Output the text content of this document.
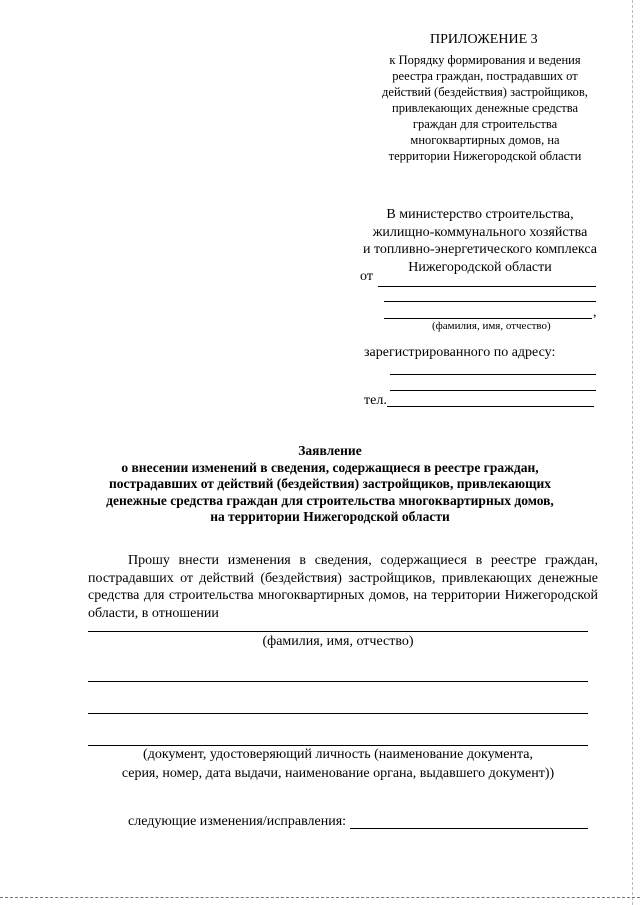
ПРИЛОЖЕНИЕ 3
к Порядку формирования и ведения
реестра граждан, пострадавших от
действий (бездействия) застройщиков,
привлекающих денежные средства
граждан для строительства
многоквартирных домов, на
территории Нижегородской области
В министерство строительства,
жилищно-коммунального хозяйства
и топливно-энергетического комплекса
Нижегородской области
от
,
(фамилия, имя, отчество)
зарегистрированного по адресу:
тел.
Заявление
о внесении изменений в сведения, содержащиеся в реестре граждан,
пострадавших от действий (бездействия) застройщиков, привлекающих
денежные средства граждан для строительства многоквартирных домов,
на территории Нижегородской области
Прошу внести изменения в сведения, содержащиеся в реестре граждан, пострадавших от действий (бездействия) застройщиков, привлекающих денежные средства для строительства многоквартирных домов, на территории Нижегородской области, в отношении
(фамилия, имя, отчество)
(документ, удостоверяющий личность (наименование документа,
серия, номер, дата выдачи, наименование органа, выдавшего документ))
следующие изменения/исправления:
